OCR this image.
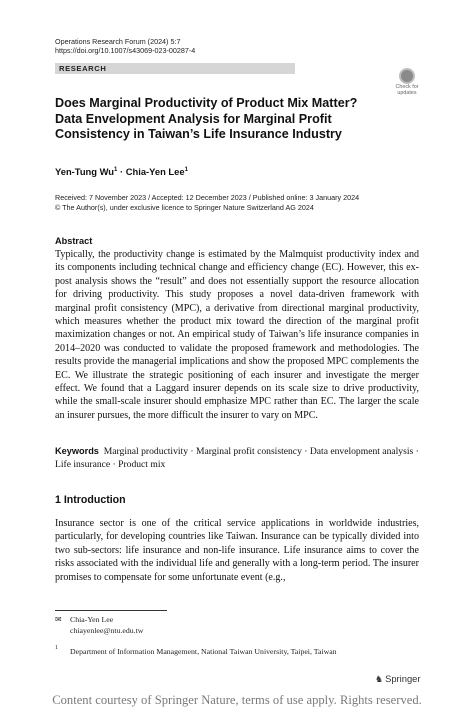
Operations Research Forum (2024) 5:7
https://doi.org/10.1007/s43069-023-00287-4
RESEARCH
Check for
updates
Does Marginal Productivity of Product Mix Matter? Data Envelopment Analysis for Marginal Profit Consistency in Taiwan’s Life Insurance Industry
Yen-Tung $Wu^1$ · Chia-Yen Lee$^1$
Received: 7 November 2023 / Accepted: 12 December 2023 / Published online: 3 January 2024
© The Author(s), under exclusive licence to Springer Nature Switzerland AG 2024
Abstract
Typically, the productivity change is estimated by the Malmquist productivity index and its components including technical change and efficiency change (EC). However, this ex-post analysis shows the “result” and does not essentially support the resource allocation for driving productivity. This study proposes a novel data-driven framework with marginal profit consistency (MPC), a derivative from directional marginal productivity, which measures whether the product mix toward the direction of the marginal profit maximization changes or not. An empirical study of Taiwan’s life insurance companies in 2014–2020 was conducted to validate the proposed framework and methodologies. The results provide the managerial implications and show the proposed MPC complements the EC. We illustrate the strategic positioning of each insurer and investigate the merger effect. We found that a Laggard insurer depends on its scale size to drive productivity, while the small-scale insurer should emphasize MPC rather than EC. The larger the scale an insurer pursues, the more difficult the insurer to vary on MPC.
Keywords Marginal productivity · Marginal profit consistency · Data envelopment analysis · Life insurance · Product mix
1 Introduction
Insurance sector is one of the critical service applications in worldwide industries, particularly, for developing countries like Taiwan. Insurance can be typically divided into two sub-sectors: life insurance and non-life insurance. Life insurance aims to cover the risks associated with the individual life and generally with a long-term period. The insurer promises to compensate for some unfortunate event (e.g.,
✉ Chia-Yen Lee
chiayenlee@ntu.edu.tw
1 Department of Information Management, National Taiwan University, Taipei, Taiwan
♞ Springer
Content courtesy of Springer Nature, terms of use apply. Rights reserved.
